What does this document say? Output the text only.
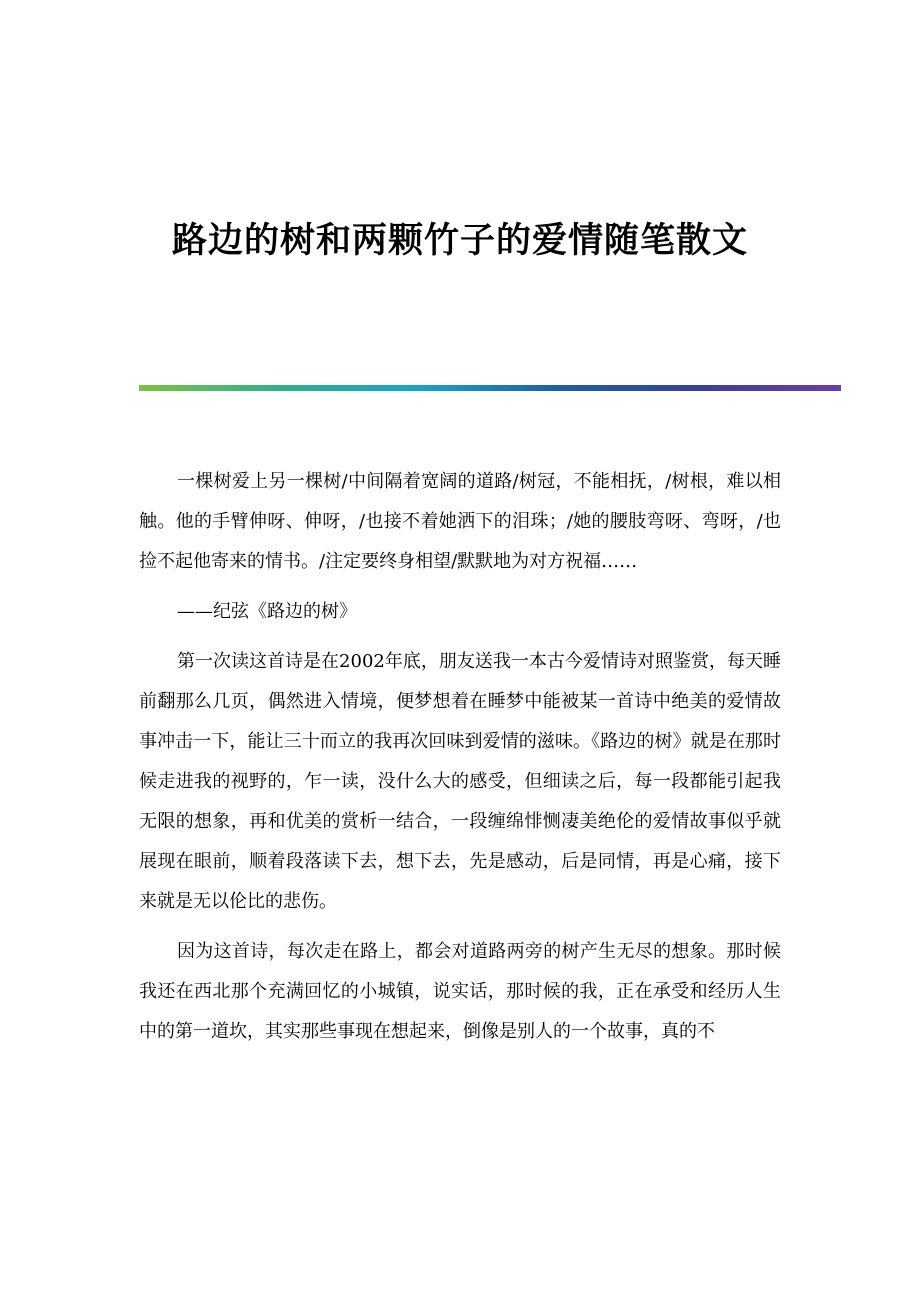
路边的树和两颗竹子的爱情随笔散文

一棵树爱上另一棵树/中间隔着宽阔的道路/树冠，不能相抚，/树根，难以相触。他的手臂伸呀、伸呀，/也接不着她洒下的泪珠；/她的腰肢弯呀、弯呀，/也捡不起他寄来的情书。/注定要终身相望/默默地为对方祝福……

——纪弦《路边的树》

第一次读这首诗是在2002年底，朋友送我一本古今爱情诗对照鉴赏，每天睡前翻那么几页，偶然进入情境，便梦想着在睡梦中能被某一首诗中绝美的爱情故事冲击一下，能让三十而立的我再次回味到爱情的滋味。《路边的树》就是在那时候走进我的视野的，乍一读，没什么大的感受，但细读之后，每一段都能引起我无限的想象，再和优美的赏析一结合，一段缠绵悱恻凄美绝伦的爱情故事似乎就展现在眼前，顺着段落读下去，想下去，先是感动，后是同情，再是心痛，接下来就是无以伦比的悲伤。

因为这首诗，每次走在路上，都会对道路两旁的树产生无尽的想象。那时候我还在西北那个充满回忆的小城镇，说实话，那时候的我，正在承受和经历人生中的第一道坎，其实那些事现在想起来，倒像是别人的一个故事，真的不
